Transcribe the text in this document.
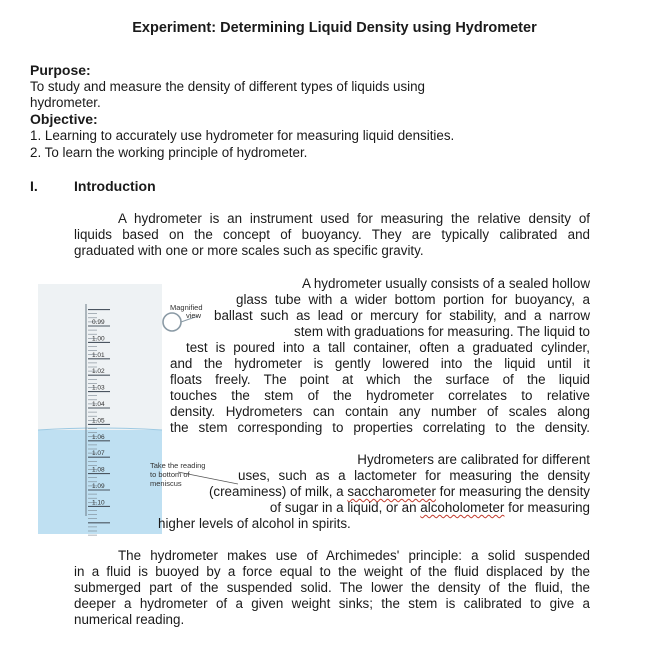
Experiment: Determining Liquid Density using Hydrometer
Purpose:
To study and measure the density of different types of liquids using
hydrometer.
Objective:
1. Learning to accurately use hydrometer for measuring liquid densities.
2. To learn the working principle of hydrometer.
I.	Introduction
A hydrometer is an instrument used for measuring the relative density of
liquids based on the concept of buoyancy. They are typically calibrated and
graduated with one or more scales such as specific gravity.
0.99
1.00
1.01
1.02
1.03
1.04
1.05
1.06
1.07
1.08
1.09
1.10
Magnified
view
Take the reading
to bottom of
meniscus
A hydrometer usually consists of a sealed hollow
glass tube with a wider bottom portion for buoyancy, a
ballast such as lead or mercury for stability, and a narrow
stem with graduations for measuring. The liquid to
test is poured into a tall container, often a graduated cylinder,
and the hydrometer is gently lowered into the liquid until it
floats freely. The point at which the surface of the liquid
touches the stem of the hydrometer correlates to relative
density. Hydrometers can contain any number of scales along
the stem corresponding to properties correlating to the density.
Hydrometers are calibrated for different
uses, such as a lactometer for measuring the density
(creaminess) of milk, a saccharometer for measuring the density
of sugar in a liquid, or an alcoholometer for measuring
higher levels of alcohol in spirits.
The hydrometer makes use of Archimedes' principle: a solid suspended
in a fluid is buoyed by a force equal to the weight of the fluid displaced by the
submerged part of the suspended solid. The lower the density of the fluid, the
deeper a hydrometer of a given weight sinks; the stem is calibrated to give a
numerical reading.
